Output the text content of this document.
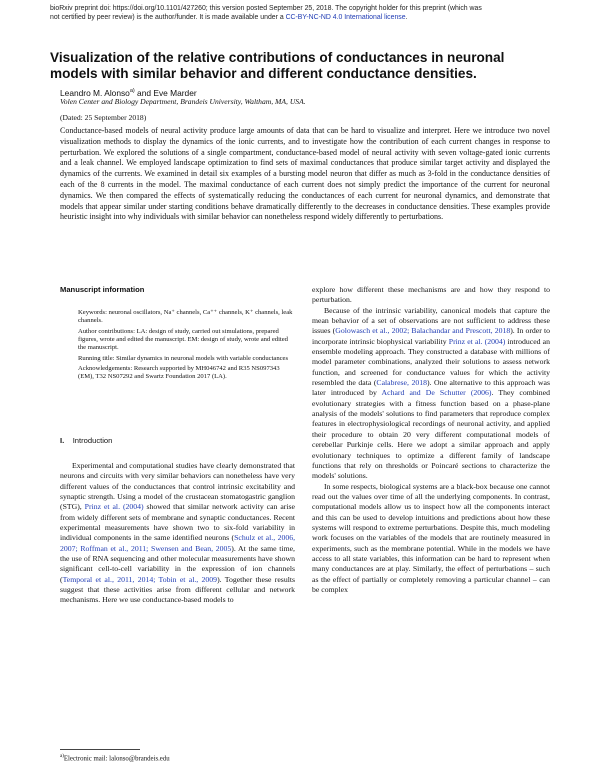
bioRxiv preprint doi: https://doi.org/10.1101/427260; this version posted September 25, 2018. The copyright holder for this preprint (which was
not certified by peer review) is the author/funder. It is made available under a CC-BY-NC-ND 4.0 International license.
Visualization of the relative contributions of conductances in neuronal models with similar behavior and different conductance densities.
Leandro M. Alonso$^{a)}$ and Eve Marder
Volen Center and Biology Department, Brandeis University, Waltham, MA, USA.
(Dated: 25 September 2018)
Conductance-based models of neural activity produce large amounts of data that can be hard to visualize and interpret. Here we introduce two novel visualization methods to display the dynamics of the ionic currents, and to investigate how the contribution of each current changes in response to perturbation. We explored the solutions of a single compartment, conductance-based model of neural activity with seven voltage-gated ionic currents and a leak channel. We employed landscape optimization to find sets of maximal conductances that produce similar target activity and displayed the dynamics of the currents. We examined in detail six examples of a bursting model neuron that differ as much as 3-fold in the conductance densities of each of the 8 currents in the model. The maximal conductance of each current does not simply predict the importance of the current for neuronal dynamics. We then compared the effects of systematically reducing the conductances of each current for neuronal dynamics, and demonstrate that models that appear similar under starting conditions behave dramatically differently to the decreases in conductance densities. These examples provide heuristic insight into why individuals with similar behavior can nonetheless respond widely differently to perturbations.
Manuscript information

Keywords: neuronal oscillators, Na⁺ channels, Ca⁺⁺ channels, K⁺ channels, leak channels.

Author contributions: LA: design of study, carried out simulations, prepared figures, wrote and edited the manuscript. EM: design of study, wrote and edited the manuscript.

Running title: Similar dynamics in neuronal models with variable conductances

Acknowledgements: Research supported by MH046742 and R35 NS097343 (EM), T32 NS07292 and Swartz Foundation 2017 (LA).

I. Introduction

Experimental and computational studies have clearly demonstrated that neurons and circuits with very similar behaviors can nonetheless have very different values of the conductances that control intrinsic excitability and synaptic strength. Using a model of the crustacean stomatogastric ganglion (STG), Prinz et al. (2004) showed that similar network activity can arise from widely different sets of membrane and synaptic conductances. Recent experimental measurements have shown two to six-fold variability in individual components in the same identified neurons (Schulz et al., 2006, 2007; Roffman et al., 2011; Swensen and Bean, 2005). At the same time, the use of RNA sequencing and other molecular measurements have shown significant cell-to-cell variability in the expression of ion channels (Temporal et al., 2011, 2014; Tobin et al., 2009). Together these results suggest that these activities arise from different cellular and network mechanisms. Here we use conductance-based models to

explore how different these mechanisms are and how they respond to perturbation.

Because of the intrinsic variability, canonical models that capture the mean behavior of a set of observations are not sufficient to address these issues (Golowasch et al., 2002; Balachandar and Prescott, 2018). In order to incorporate intrinsic biophysical variability Prinz et al. (2004) introduced an ensemble modeling approach. They constructed a database with millions of model parameter combinations, analyzed their solutions to assess network function, and screened for conductance values for which the activity resembled the data (Calabrese, 2018). One alternative to this approach was later introduced by Achard and De Schutter (2006). They combined evolutionary strategies with a fitness function based on a phase-plane analysis of the models' solutions to find parameters that reproduce complex features in electrophysiological recordings of neuronal activity, and applied their procedure to obtain 20 very different computational models of cerebellar Purkinje cells. Here we adopt a similar approach and apply evolutionary techniques to optimize a different family of landscape functions that rely on thresholds or Poincaré sections to characterize the models' solutions.

In some respects, biological systems are a black-box because one cannot read out the values over time of all the underlying components. In contrast, computational models allow us to inspect how all the components interact and this can be used to develop intuitions and predictions about how these systems will respond to extreme perturbations. Despite this, much modeling work focuses on the variables of the models that are routinely measured in experiments, such as the membrane potential. While in the models we have access to all state variables, this information can be hard to represent when many conductances are at play. Similarly, the effect of perturbations – such as the effect of partially or completely removing a particular channel – can be complex

$^{a)}$Electronic mail: lalonso@brandeis.edu
